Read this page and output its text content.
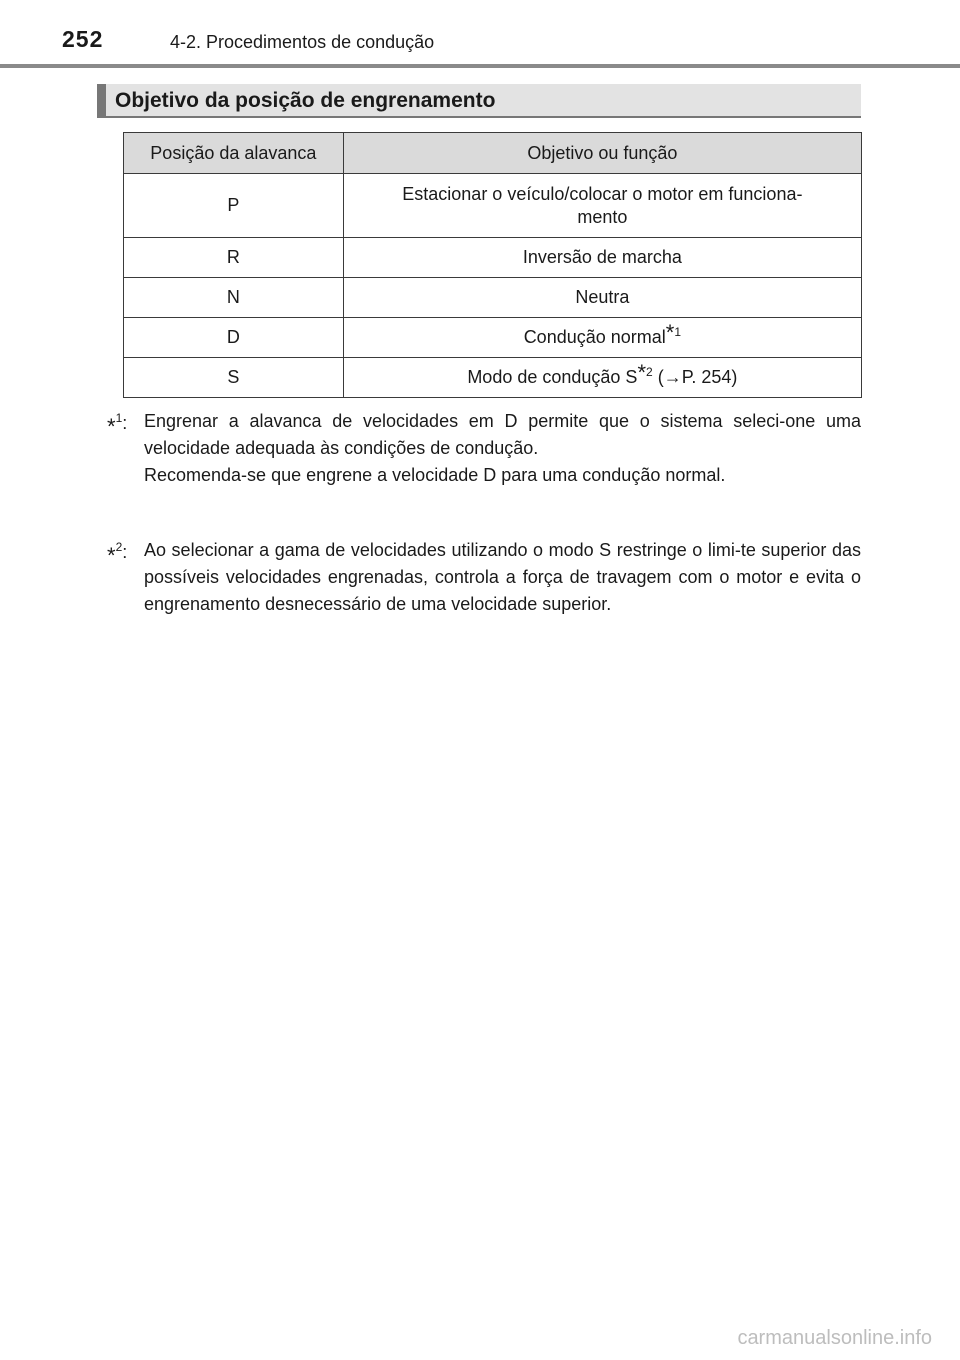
252	4-2. Procedimentos de condução
Objetivo da posição de engrenamento
Posição da alavanca	Objetivo ou função
P	Estacionar o veículo/colocar o motor em funciona-
mento
R	Inversão de marcha
N	Neutra
D	Condução normal$^{*1}$
S	Modo de condução $S^{*2}$ (→P. 254)
*$^1$: Engrenar a alavanca de velocidades em D permite que o sistema seleci-one uma velocidade adequada às condições de condução.

Recomenda-se que engrene a velocidade D para uma condução normal.

*$^2$: Ao selecionar a gama de velocidades utilizando o modo S restringe o limi-te superior das possíveis velocidades engrenadas, controla a força de travagem com o motor e evita o engrenamento desnecessário de uma velocidade superior.

carmanualsonline.info
